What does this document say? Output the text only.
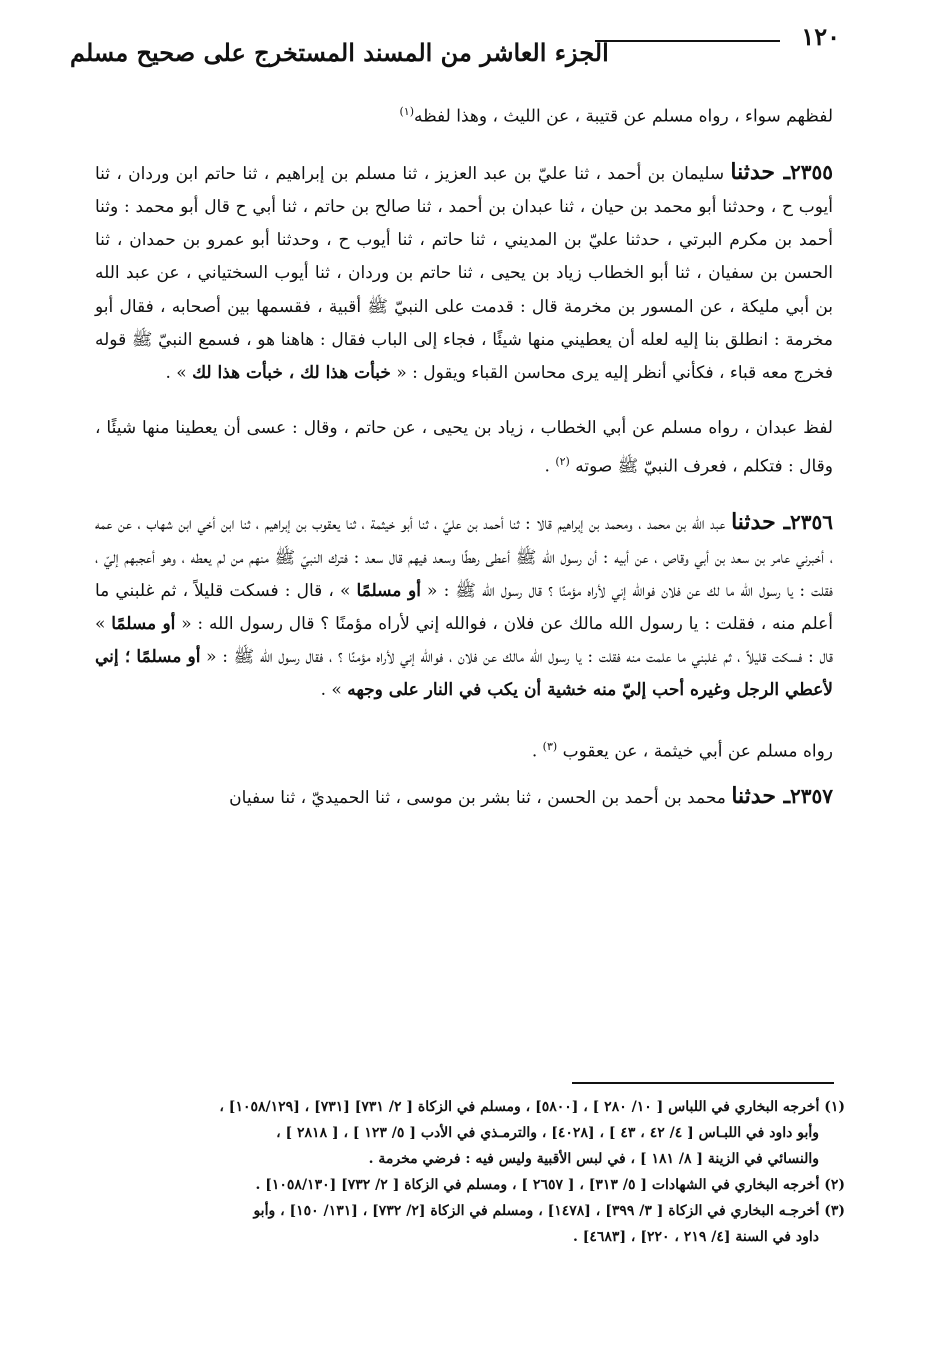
١٢٠
الجزء العاشر من المسند المستخرج على صحيح مسلم

لفظهم سواء ، رواه مسلم عن قتيبة ، عن الليث ، وهذا لفظه$^{(١)}$

٢٣٥٥ـ حدثنا سليمان بن أحمد ، ثنا عليّ بن عبد العزيز ، ثنا مسلم بن إبراهيم ، ثنا حاتم ابن وردان ، ثنا أيوب ح ، وحدثنا أبو محمد بن حيان ، ثنا عبدان بن أحمد ، ثنا صالح بن حاتم ، ثنا أبي ح قال أبو محمد : وثنا أحمد بن مكرم البرتي ، حدثنا عليّ بن المديني ، ثنا حاتم ، ثنا أيوب ح ، وحدثنا أبو عمرو بن حمدان ، ثنا الحسن بن سفيان ، ثنا أبو الخطاب زياد بن يحيى ، ثنا حاتم بن وردان ، ثنا أيوب السختياني ، عن عبد الله بن أبي مليكة ، عن المسور بن مخرمة قال : قدمت على النبيّ ﷺ أقبية ، فقسمها بين أصحابه ، فقال أبو مخرمة : انطلق بنا إليه لعله أن يعطيني منها شيئًا ، فجاء إلى الباب فقال : هاهنا هو ، فسمع النبيّ ﷺ قوله فخرج معه قباء ، فكأني أنظر إليه يرى محاسن القباء ويقول : « خبأت هذا لك ، خبأت هذا لك » .

لفظ عبدان ، رواه مسلم عن أبي الخطاب ، زياد بن يحيى ، عن حاتم ، وقال : عسى أن يعطينا منها شيئًا ، وقال : فتكلم ، فعرف النبيّ ﷺ صوته $^{(٢)}$ .

٢٣٥٦ـ حدثنا عبد الله بن محمد ، ومحمد بن إبراهيم قالا : ثنا أحمد بن عليّ ، ثنا أبو خيثمة ، ثنا يعقوب بن إبراهيم ، ثنا ابن أخي ابن شهاب ، عن عمه ، أخبرني عامر بن سعد بن أبي وقاص ، عن أبيه : أن رسول الله ﷺ أعطى رهطًا وسعد فيهم قال سعد : فترك النبيّ ﷺ منهم من لم يعطه ، وهو أعجبهم إليّ ، فقلت : يا رسول الله ما لك عن فلان فوالله إني لأراه مؤمنًا ؟ قال رسول الله ﷺ : « أو مسلمًا » ، قال : فسكت قليلاً ، ثم غلبني ما أعلم منه ، فقلت : يا رسول الله مالك عن فلان ، فوالله إني لأراه مؤمنًا ؟ قال رسول الله : « أو مسلمًا » قال : فسكت قليلاً ، ثم غلبني ما علمت منه فقلت : يا رسول الله مالك عن فلان ، فوالله إني لأراه مؤمنًا ؟ ، فقال رسول الله ﷺ : « أو مسلمًا ؛ إني لأعطي الرجل وغيره أحب إليّ منه خشية أن يكب في النار على وجهه » .

رواه مسلم عن أبي خيثمة ، عن يعقوب $^{(٣)}$ .

٢٣٥٧ـ حدثنا محمد بن أحمد بن الحسن ، ثنا بشر بن موسى ، ثنا الحميديّ ، ثنا سفيان

(١) أخرجه البخاري في اللباس [ ١٠/ ٢٨٠ ] ، [٥٨٠٠] ، ومسلم في الزكاة [ ٢/ ٧٣١] [٧٣١] ، [١٠٥٨/١٢٩] ،

وأبو داود في اللبـاس [ ٤/ ٤٢ ، ٤٣ ] ، [٤٠٢٨] ، والترمـذي في الأدب [ ٥/ ١٢٣ ] ، [ ٢٨١٨ ] ،

والنسائي في الزينة [ ٨/ ١٨١ ] ، في لبس الأقبية وليس فيه : فرضي مخرمة .

(٢) أخرجه البخاري في الشهادات [ ٥/ ٣١٣] ، [ ٢٦٥٧ ] ، ومسلم في الزكاة [ ٢/ ٧٣٢] [١٠٥٨/١٣٠] .

(٣) أخرجـه البخاري في الزكاة [ ٣/ ٣٩٩] ، [١٤٧٨] ، ومسلم في الزكاة [٢/ ٧٣٢] ، [١٣١/ ١٥٠] ، وأبو

داود في السنة [٤/ ٢١٩ ، ٢٢٠] ، [٤٦٨٣] .
